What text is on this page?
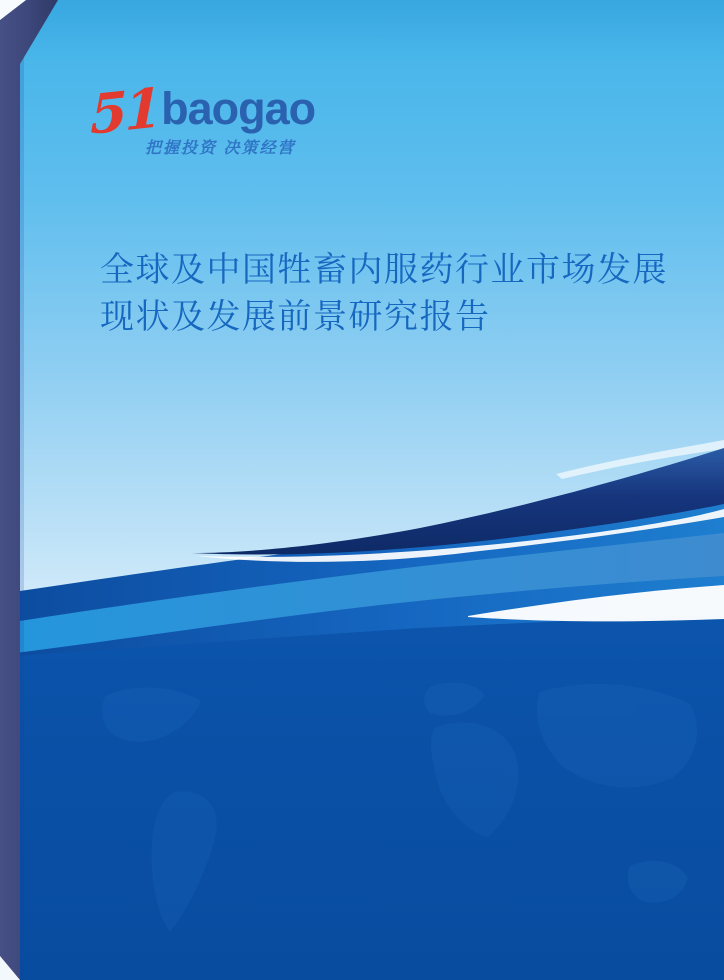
51baogao
把握投资 决策经营
全球及中国牲畜内服药行业市场发展
现状及发展前景研究报告
